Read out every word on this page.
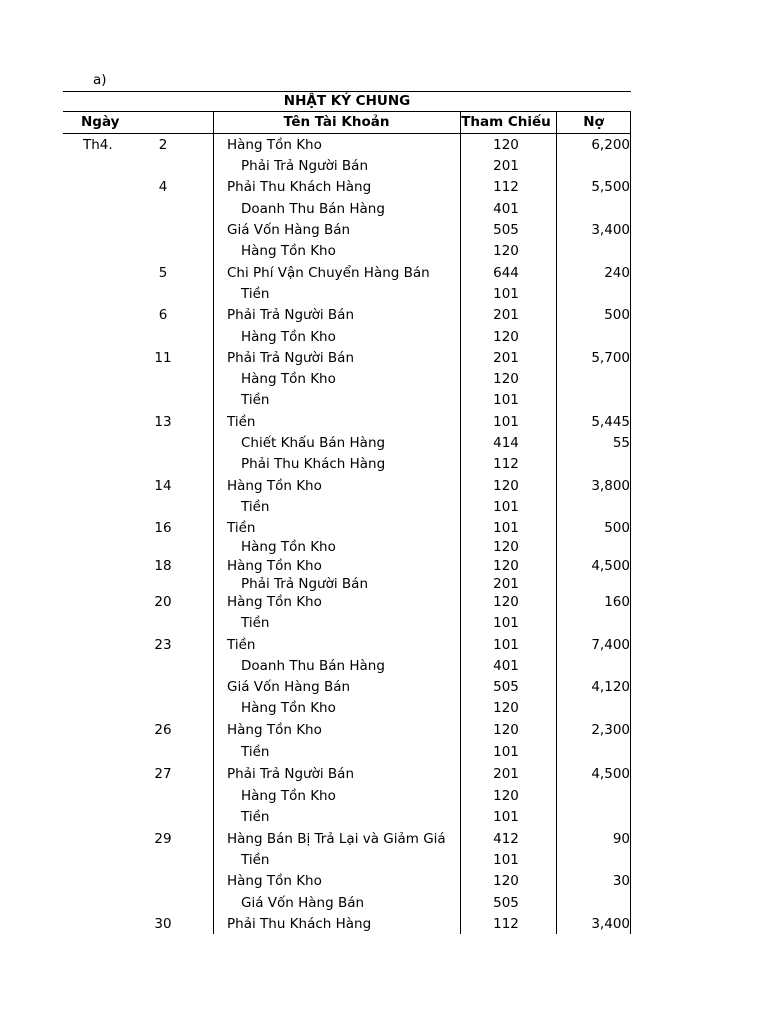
a)
NHẬT KÝ CHUNG
Ngày	Tên Tài Khoản	Tham Chiếu	Nợ
Th4.	2	Hàng Tồn Kho	120	6,200
Phải Trả Người Bán	201
4	Phải Thu Khách Hàng	112	5,500
Doanh Thu Bán Hàng	401
Giá Vốn Hàng Bán	505	3,400
Hàng Tồn Kho	120
5	Chi Phí Vận Chuyển Hàng Bán	644	240
Tiền	101
6	Phải Trả Người Bán	201	500
Hàng Tồn Kho	120
11	Phải Trả Người Bán	201	5,700
Hàng Tồn Kho	120
Tiền	101
13	Tiền	101	5,445
Chiết Khấu Bán Hàng	414	55
Phải Thu Khách Hàng	112
14	Hàng Tồn Kho	120	3,800
Tiền	101
16	Tiền	101	500
Hàng Tồn Kho	120
18	Hàng Tồn Kho	120	4,500
Phải Trả Người Bán	201
20	Hàng Tồn Kho	120	160
Tiền	101
23	Tiền	101	7,400
Doanh Thu Bán Hàng	401
Giá Vốn Hàng Bán	505	4,120
Hàng Tồn Kho	120
26	Hàng Tồn Kho	120	2,300
Tiền	101
27	Phải Trả Người Bán	201	4,500
Hàng Tồn Kho	120
Tiền	101
29	Hàng Bán Bị Trả Lại và Giảm Giá	412	90
Tiền	101
Hàng Tồn Kho	120	30
Giá Vốn Hàng Bán	505
30	Phải Thu Khách Hàng	112	3,400
